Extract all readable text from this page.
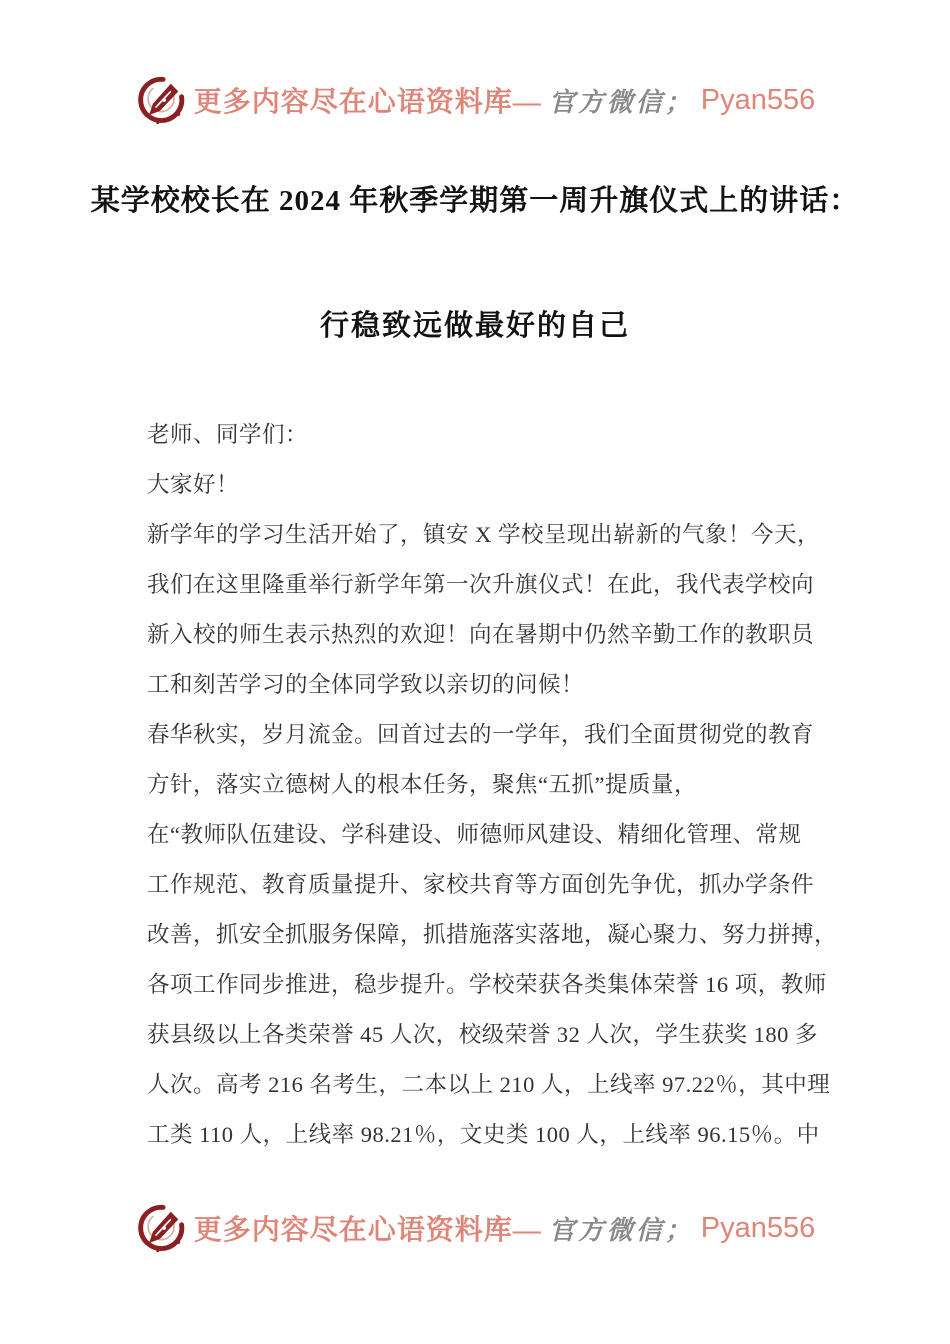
更多内容尽在心语资料库— 官方微信； Pyan556
某学校校长在 2024 年秋季学期第一周升旗仪式上的讲话：
行稳致远做最好的自己
老师、同学们：
大家好！
新学年的学习生活开始了，镇安 X 学校呈现出崭新的气象！今天，
我们在这里隆重举行新学年第一次升旗仪式！在此，我代表学校向
新入校的师生表示热烈的欢迎！向在暑期中仍然辛勤工作的教职员
工和刻苦学习的全体同学致以亲切的问候！
春华秋实，岁月流金。回首过去的一学年，我们全面贯彻党的教育
方针，落实立德树人的根本任务，聚焦“五抓”提质量，
在“教师队伍建设、学科建设、师德师风建设、精细化管理、常规
工作规范、教育质量提升、家校共育等方面创先争优，抓办学条件
改善，抓安全抓服务保障，抓措施落实落地，凝心聚力、努力拼搏，
各项工作同步推进，稳步提升。学校荣获各类集体荣誉 16 项，教师
获县级以上各类荣誉 45 人次，校级荣誉 32 人次，学生获奖 180 多
人次。高考 216 名考生，二本以上 210 人，上线率 97.22％，其中理
工类 110 人，上线率 98.21％，文史类 100 人，上线率 96.15％。中
更多内容尽在心语资料库— 官方微信； Pyan556
